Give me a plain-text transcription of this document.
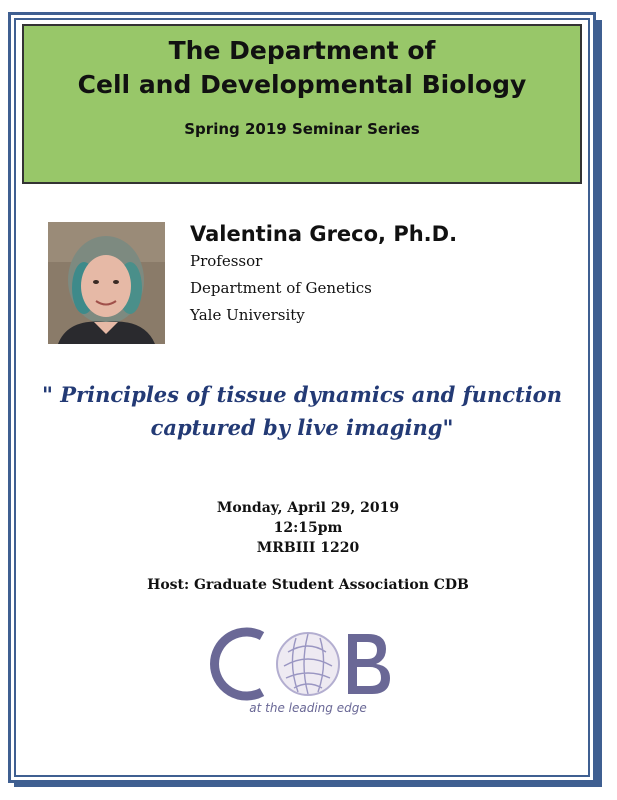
The Department of
Cell and Developmental Biology
Spring 2019 Seminar Series
Valentina Greco, Ph.D.
Professor
Department of Genetics
Yale University
" Principles of tissue dynamics and function
captured by live imaging"
Monday, April 29, 2019
12:15pm
MRBIII 1220
Host: Graduate Student Association CDB
at the leading edge
